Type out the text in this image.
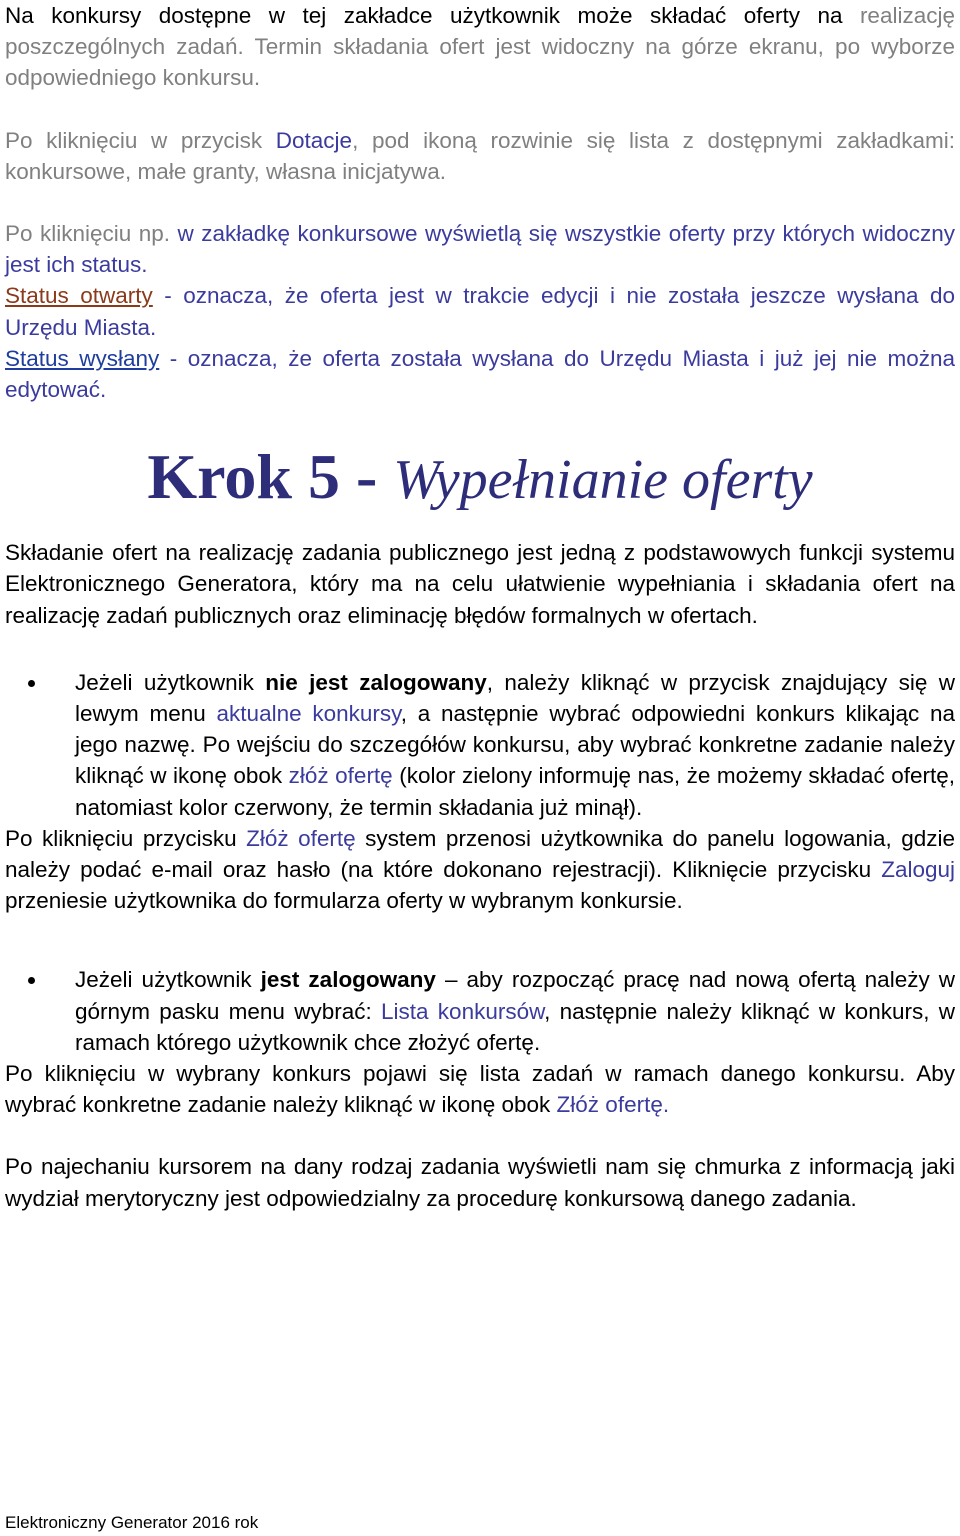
Na konkursy dostępne w tej zakładce użytkownik może składać oferty na realizację poszczególnych zadań. Termin składania ofert jest widoczny na górze ekranu, po wyborze odpowiedniego konkursu.

Po kliknięciu w przycisk Dotacje, pod ikoną rozwinie się lista z dostępnymi zakładkami: konkursowe, małe granty, własna inicjatywa.

Po kliknięciu np. w zakładkę konkursowe wyświetlą się wszystkie oferty przy których widoczny jest ich status.

Status otwarty - oznacza, że oferta jest w trakcie edycji i nie została jeszcze wysłana do Urzędu Miasta.

Status wysłany - oznacza, że oferta została wysłana do Urzędu Miasta i już jej nie można edytować.

Krok 5 - Wypełnianie oferty

Składanie ofert na realizację zadania publicznego jest jedną z podstawowych funkcji systemu Elektronicznego Generatora, który ma na celu ułatwienie wypełniania i składania ofert na realizację zadań publicznych oraz eliminację błędów formalnych w ofertach.

Jeżeli użytkownik nie jest zalogowany, należy kliknąć w przycisk znajdujący się w lewym menu aktualne konkursy, a następnie wybrać odpowiedni konkurs klikając na jego nazwę. Po wejściu do szczegółów konkursu, aby wybrać konkretne zadanie należy kliknąć w ikonę obok złóż ofertę (kolor zielony informuję nas, że możemy składać ofertę, natomiast kolor czerwony, że termin składania już minął).

Po kliknięciu przycisku Złóż ofertę system przenosi użytkownika do panelu logowania, gdzie należy podać e-mail oraz hasło (na które dokonano rejestracji). Kliknięcie przycisku Zaloguj przeniesie użytkownika do formularza oferty w wybranym konkursie.

Jeżeli użytkownik jest zalogowany – aby rozpocząć pracę nad nową ofertą należy w górnym pasku menu wybrać: Lista konkursów, następnie należy kliknąć w konkurs, w ramach którego użytkownik chce złożyć ofertę.

Po kliknięciu w wybrany konkurs pojawi się lista zadań w ramach danego konkursu. Aby wybrać konkretne zadanie należy kliknąć w ikonę obok Złóż ofertę.

Po najechaniu kursorem na dany rodzaj zadania wyświetli nam się chmurka z informacją jaki wydział merytoryczny jest odpowiedzialny za procedurę konkursową danego zadania.

Elektroniczny Generator 2016 rok
